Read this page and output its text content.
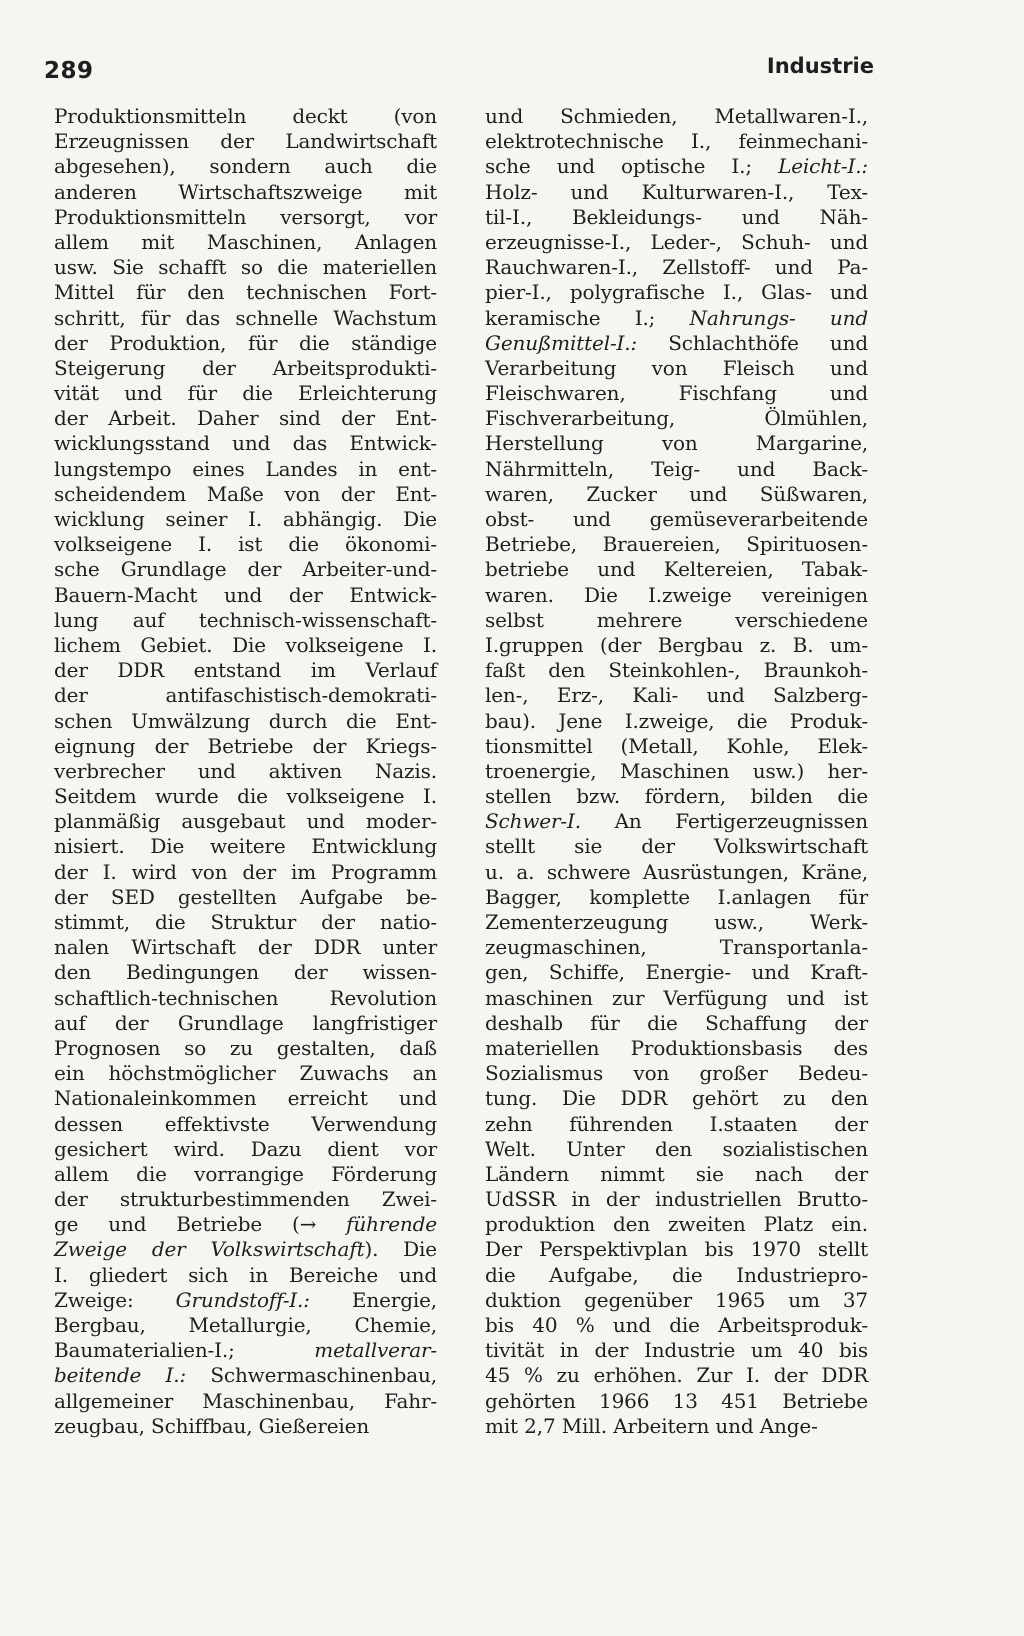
289	Industrie

Produktionsmitteln deckt (von
Erzeugnissen der Landwirtschaft
abgesehen), sondern auch die
anderen Wirtschaftszweige mit
Produktionsmitteln versorgt, vor
allem mit Maschinen, Anlagen
usw. Sie schafft so die materiellen
Mittel für den technischen Fort-
schritt, für das schnelle Wachstum
der Produktion, für die ständige
Steigerung der Arbeitsprodukti-
vität und für die Erleichterung
der Arbeit. Daher sind der Ent-
wicklungsstand und das Entwick-
lungstempo eines Landes in ent-
scheidendem Maße von der Ent-
wicklung seiner I. abhängig. Die
volkseigene I. ist die ökonomi-
sche Grundlage der Arbeiter-und-
Bauern-Macht und der Entwick-
lung auf technisch-wissenschaft-
lichem Gebiet. Die volkseigene I.
der DDR entstand im Verlauf
der antifaschistisch-demokrati-
schen Umwälzung durch die Ent-
eignung der Betriebe der Kriegs-
verbrecher und aktiven Nazis.
Seitdem wurde die volkseigene I.
planmäßig ausgebaut und moder-
nisiert. Die weitere Entwicklung
der I. wird von der im Programm
der SED gestellten Aufgabe be-
stimmt, die Struktur der natio-
nalen Wirtschaft der DDR unter
den Bedingungen der wissen-
schaftlich-technischen Revolution
auf der Grundlage langfristiger
Prognosen so zu gestalten, daß
ein höchstmöglicher Zuwachs an
Nationaleinkommen erreicht und
dessen effektivste Verwendung
gesichert wird. Dazu dient vor
allem die vorrangige Förderung
der strukturbestimmenden Zwei-
ge und Betriebe (→ führende
Zweige der Volkswirtschaft). Die
I. gliedert sich in Bereiche und
Zweige: Grundstoff-I.: Energie,
Bergbau, Metallurgie, Chemie,
Baumaterialien-I.; metallverar-
beitende I.: Schwermaschinenbau,
allgemeiner Maschinenbau, Fahr-
zeugbau, Schiffbau, Gießereien
und Schmieden, Metallwaren-I.,
elektrotechnische I., feinmechani-
sche und optische I.; Leicht-I.:
Holz- und Kulturwaren-I., Tex-
til-I., Bekleidungs- und Näh-
erzeugnisse-I., Leder-, Schuh- und
Rauchwaren-I., Zellstoff- und Pa-
pier-I., polygrafische I., Glas- und
keramische I.; Nahrungs- und
Genußmittel-I.: Schlachthöfe und
Verarbeitung von Fleisch und
Fleischwaren, Fischfang und
Fischverarbeitung, Ölmühlen,
Herstellung von Margarine,
Nährmitteln, Teig- und Back-
waren, Zucker und Süßwaren,
obst- und gemüseverarbeitende
Betriebe, Brauereien, Spirituosen-
betriebe und Keltereien, Tabak-
waren. Die I.zweige vereinigen
selbst mehrere verschiedene
I.gruppen (der Bergbau z. B. um-
faßt den Steinkohlen-, Braunkoh-
len-, Erz-, Kali- und Salzberg-
bau). Jene I.zweige, die Produk-
tionsmittel (Metall, Kohle, Elek-
troenergie, Maschinen usw.) her-
stellen bzw. fördern, bilden die
Schwer-I. An Fertigerzeugnissen
stellt sie der Volkswirtschaft
u. a. schwere Ausrüstungen, Kräne,
Bagger, komplette I.anlagen für
Zementerzeugung usw., Werk-
zeugmaschinen, Transportanla-
gen, Schiffe, Energie- und Kraft-
maschinen zur Verfügung und ist
deshalb für die Schaffung der
materiellen Produktionsbasis des
Sozialismus von großer Bedeu-
tung. Die DDR gehört zu den
zehn führenden I.staaten der
Welt. Unter den sozialistischen
Ländern nimmt sie nach der
UdSSR in der industriellen Brutto-
produktion den zweiten Platz ein.
Der Perspektivplan bis 1970 stellt
die Aufgabe, die Industriepro-
duktion gegenüber 1965 um 37
bis 40 % und die Arbeitsproduk-
tivität in der Industrie um 40 bis
45 % zu erhöhen. Zur I. der DDR
gehörten 1966 13 451 Betriebe
mit 2,7 Mill. Arbeitern und Ange-
